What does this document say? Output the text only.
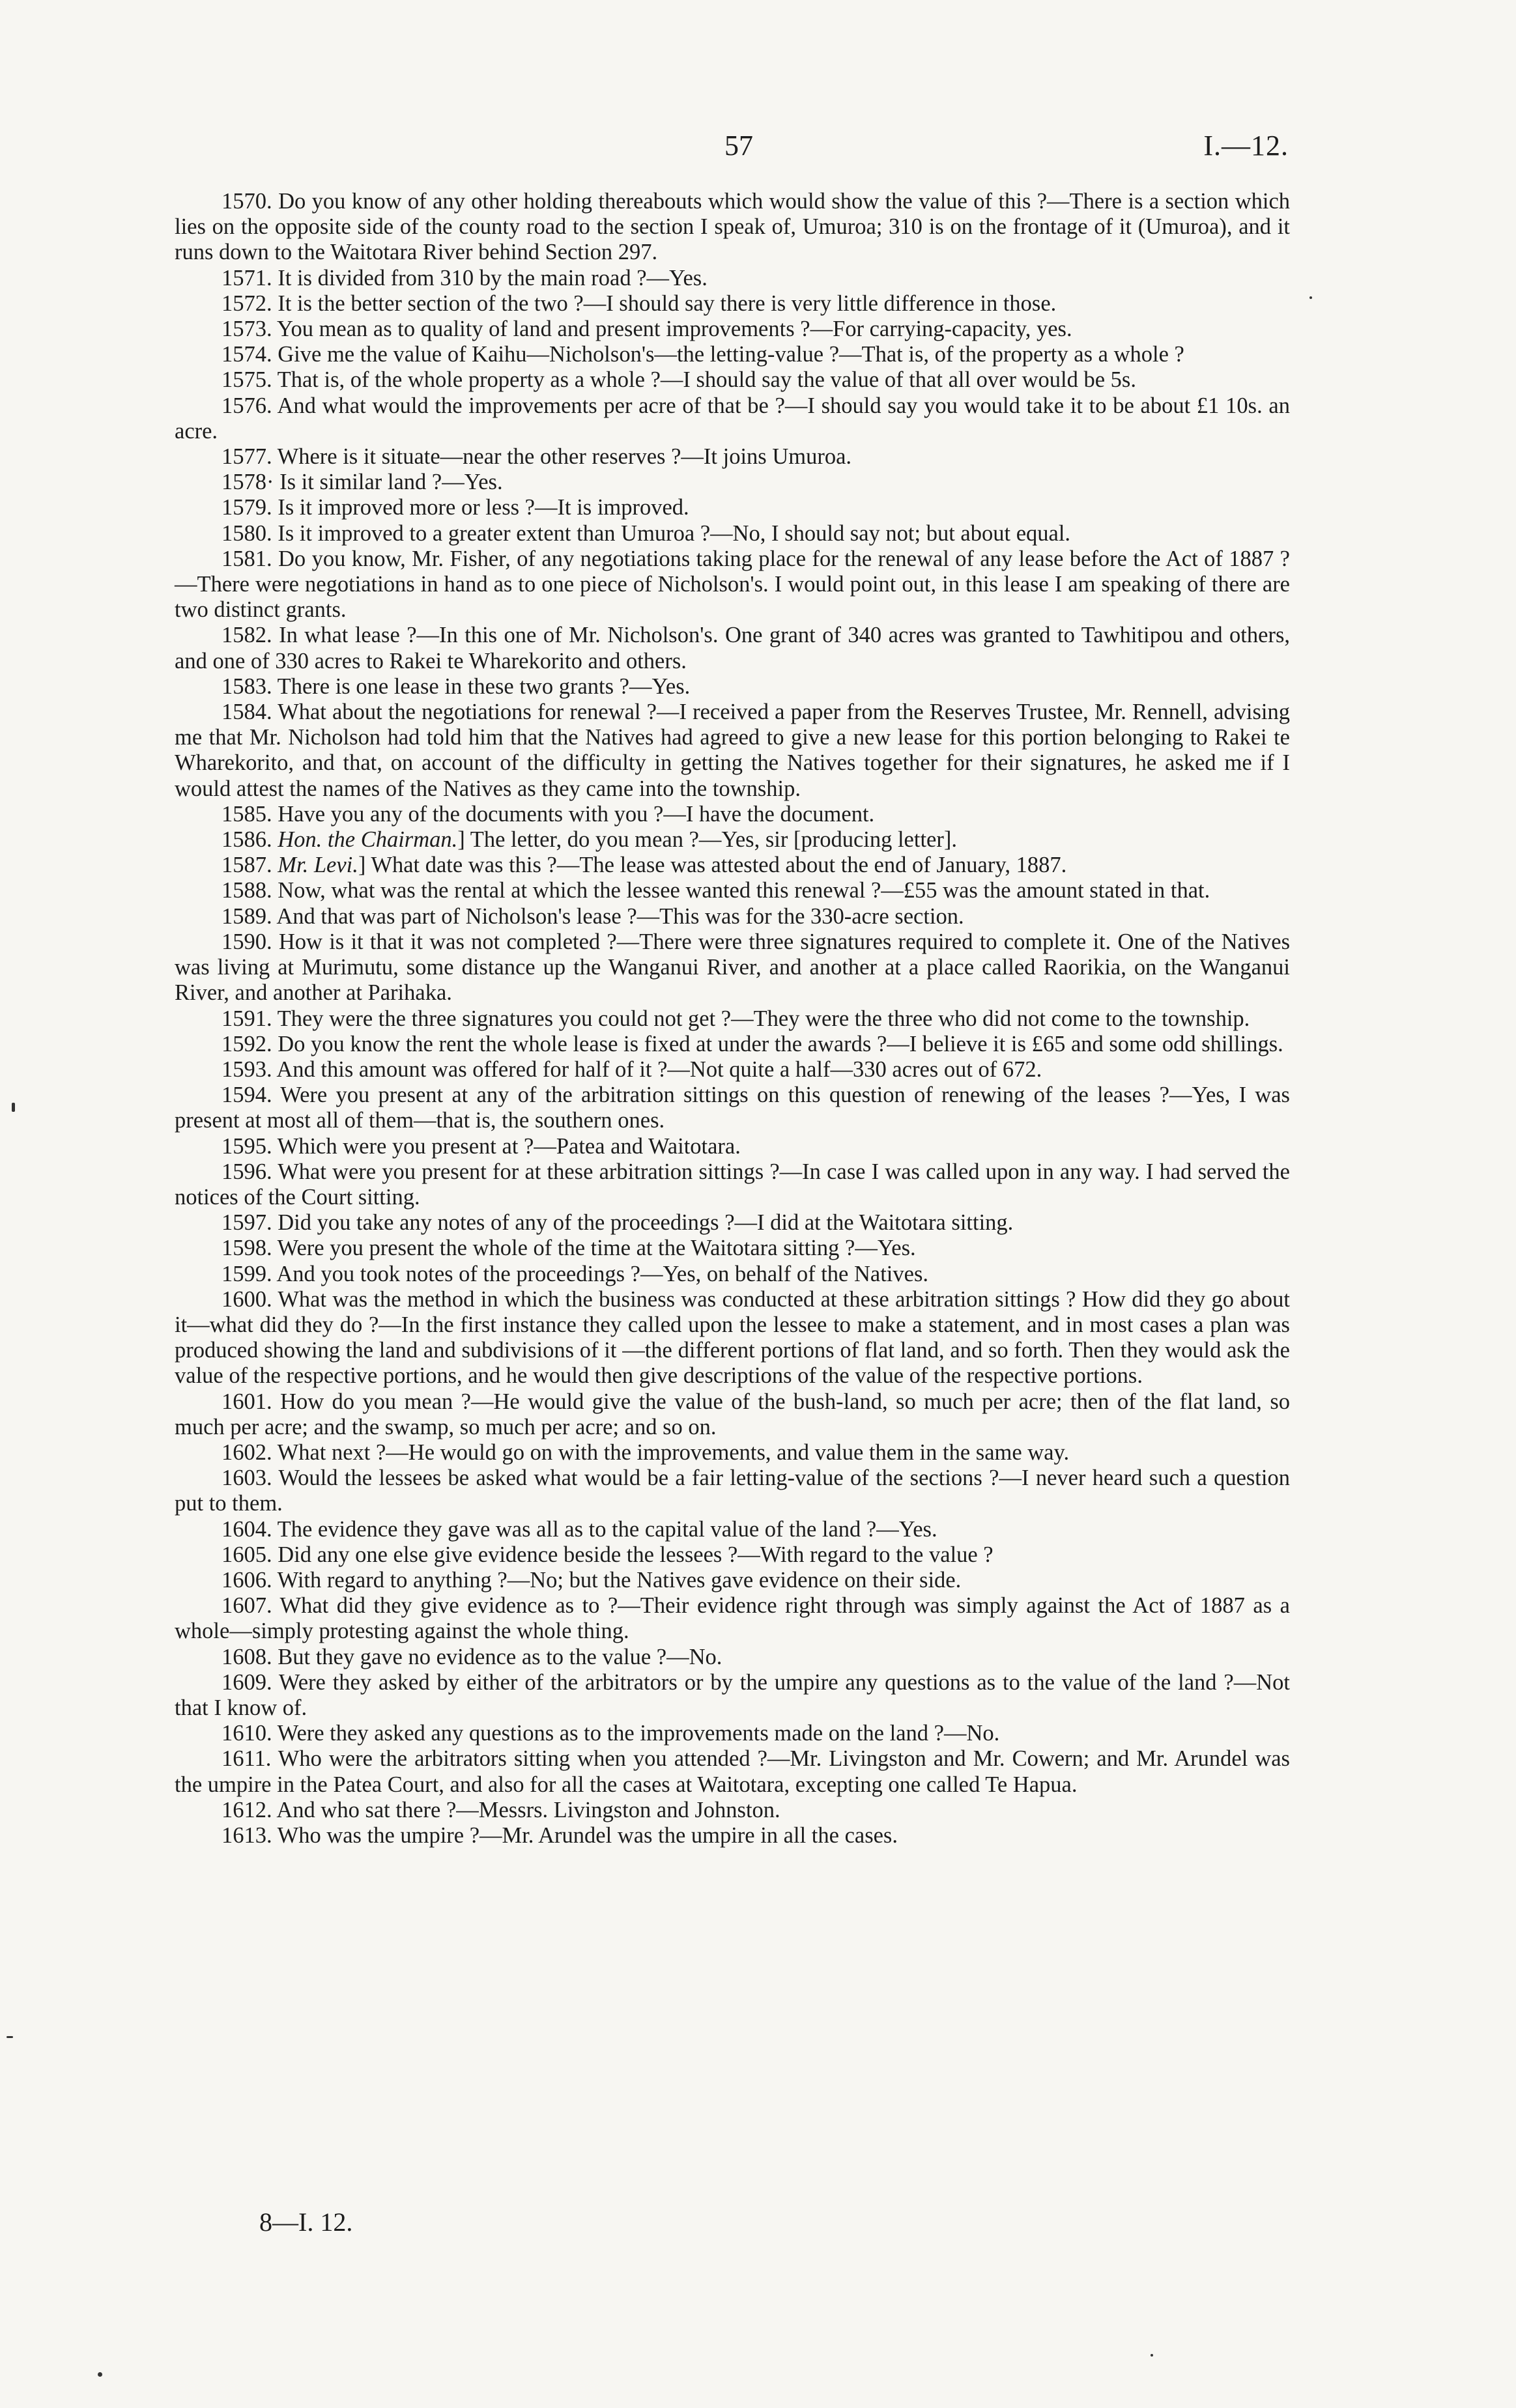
57	I.—12.

1570. Do you know of any other holding thereabouts which would show the value of this ?—There is a section which lies on the opposite side of the county road to the section I speak of, Umuroa; 310 is on the frontage of it (Umuroa), and it runs down to the Waitotara River behind Section 297.

1571. It is divided from 310 by the main road ?—Yes.

1572. It is the better section of the two ?—I should say there is very little difference in those.

1573. You mean as to quality of land and present improvements ?—For carrying-capacity, yes.

1574. Give me the value of Kaihu—Nicholson's—the letting-value ?—That is, of the property as a whole ?

1575. That is, of the whole property as a whole ?—I should say the value of that all over would be 5s.

1576. And what would the improvements per acre of that be ?—I should say you would take it to be about £1 10s. an acre.

1577. Where is it situate—near the other reserves ?—It joins Umuroa.

1578· Is it similar land ?—Yes.

1579. Is it improved more or less ?—It is improved.

1580. Is it improved to a greater extent than Umuroa ?—No, I should say not; but about equal.

1581. Do you know, Mr. Fisher, of any negotiations taking place for the renewal of any lease before the Act of 1887 ?—There were negotiations in hand as to one piece of Nicholson's. I would point out, in this lease I am speaking of there are two distinct grants.

1582. In what lease ?—In this one of Mr. Nicholson's. One grant of 340 acres was granted to Tawhitipou and others, and one of 330 acres to Rakei te Wharekorito and others.

1583. There is one lease in these two grants ?—Yes.

1584. What about the negotiations for renewal ?—I received a paper from the Reserves Trustee, Mr. Rennell, advising me that Mr. Nicholson had told him that the Natives had agreed to give a new lease for this portion belonging to Rakei te Wharekorito, and that, on account of the difficulty in getting the Natives together for their signatures, he asked me if I would attest the names of the Natives as they came into the township.

1585. Have you any of the documents with you ?—I have the document.

1586. Hon. the Chairman.] The letter, do you mean ?—Yes, sir [producing letter].

1587. Mr. Levi.] What date was this ?—The lease was attested about the end of January, 1887.

1588. Now, what was the rental at which the lessee wanted this renewal ?—£55 was the amount stated in that.

1589. And that was part of Nicholson's lease ?—This was for the 330-acre section.

1590. How is it that it was not completed ?—There were three signatures required to complete it. One of the Natives was living at Murimutu, some distance up the Wanganui River, and another at a place called Raorikia, on the Wanganui River, and another at Parihaka.

1591. They were the three signatures you could not get ?—They were the three who did not come to the township.

1592. Do you know the rent the whole lease is fixed at under the awards ?—I believe it is £65 and some odd shillings.

1593. And this amount was offered for half of it ?—Not quite a half—330 acres out of 672.

1594. Were you present at any of the arbitration sittings on this question of renewing of the leases ?—Yes, I was present at most all of them—that is, the southern ones.

1595. Which were you present at ?—Patea and Waitotara.

1596. What were you present for at these arbitration sittings ?—In case I was called upon in any way. I had served the notices of the Court sitting.

1597. Did you take any notes of any of the proceedings ?—I did at the Waitotara sitting.

1598. Were you present the whole of the time at the Waitotara sitting ?—Yes.

1599. And you took notes of the proceedings ?—Yes, on behalf of the Natives.

1600. What was the method in which the business was conducted at these arbitration sittings ? How did they go about it—what did they do ?—In the first instance they called upon the lessee to make a statement, and in most cases a plan was produced showing the land and subdivisions of it —the different portions of flat land, and so forth. Then they would ask the value of the respective portions, and he would then give descriptions of the value of the respective portions.

1601. How do you mean ?—He would give the value of the bush-land, so much per acre; then of the flat land, so much per acre; and the swamp, so much per acre; and so on.

1602. What next ?—He would go on with the improvements, and value them in the same way.

1603. Would the lessees be asked what would be a fair letting-value of the sections ?—I never heard such a question put to them.

1604. The evidence they gave was all as to the capital value of the land ?—Yes.

1605. Did any one else give evidence beside the lessees ?—With regard to the value ?

1606. With regard to anything ?—No; but the Natives gave evidence on their side.

1607. What did they give evidence as to ?—Their evidence right through was simply against the Act of 1887 as a whole—simply protesting against the whole thing.

1608. But they gave no evidence as to the value ?—No.

1609. Were they asked by either of the arbitrators or by the umpire any questions as to the value of the land ?—Not that I know of.

1610. Were they asked any questions as to the improvements made on the land ?—No.

1611. Who were the arbitrators sitting when you attended ?—Mr. Livingston and Mr. Cowern; and Mr. Arundel was the umpire in the Patea Court, and also for all the cases at Waitotara, excepting one called Te Hapua.

1612. And who sat there ?—Messrs. Livingston and Johnston.

1613. Who was the umpire ?—Mr. Arundel was the umpire in all the cases.

8—I. 12.
